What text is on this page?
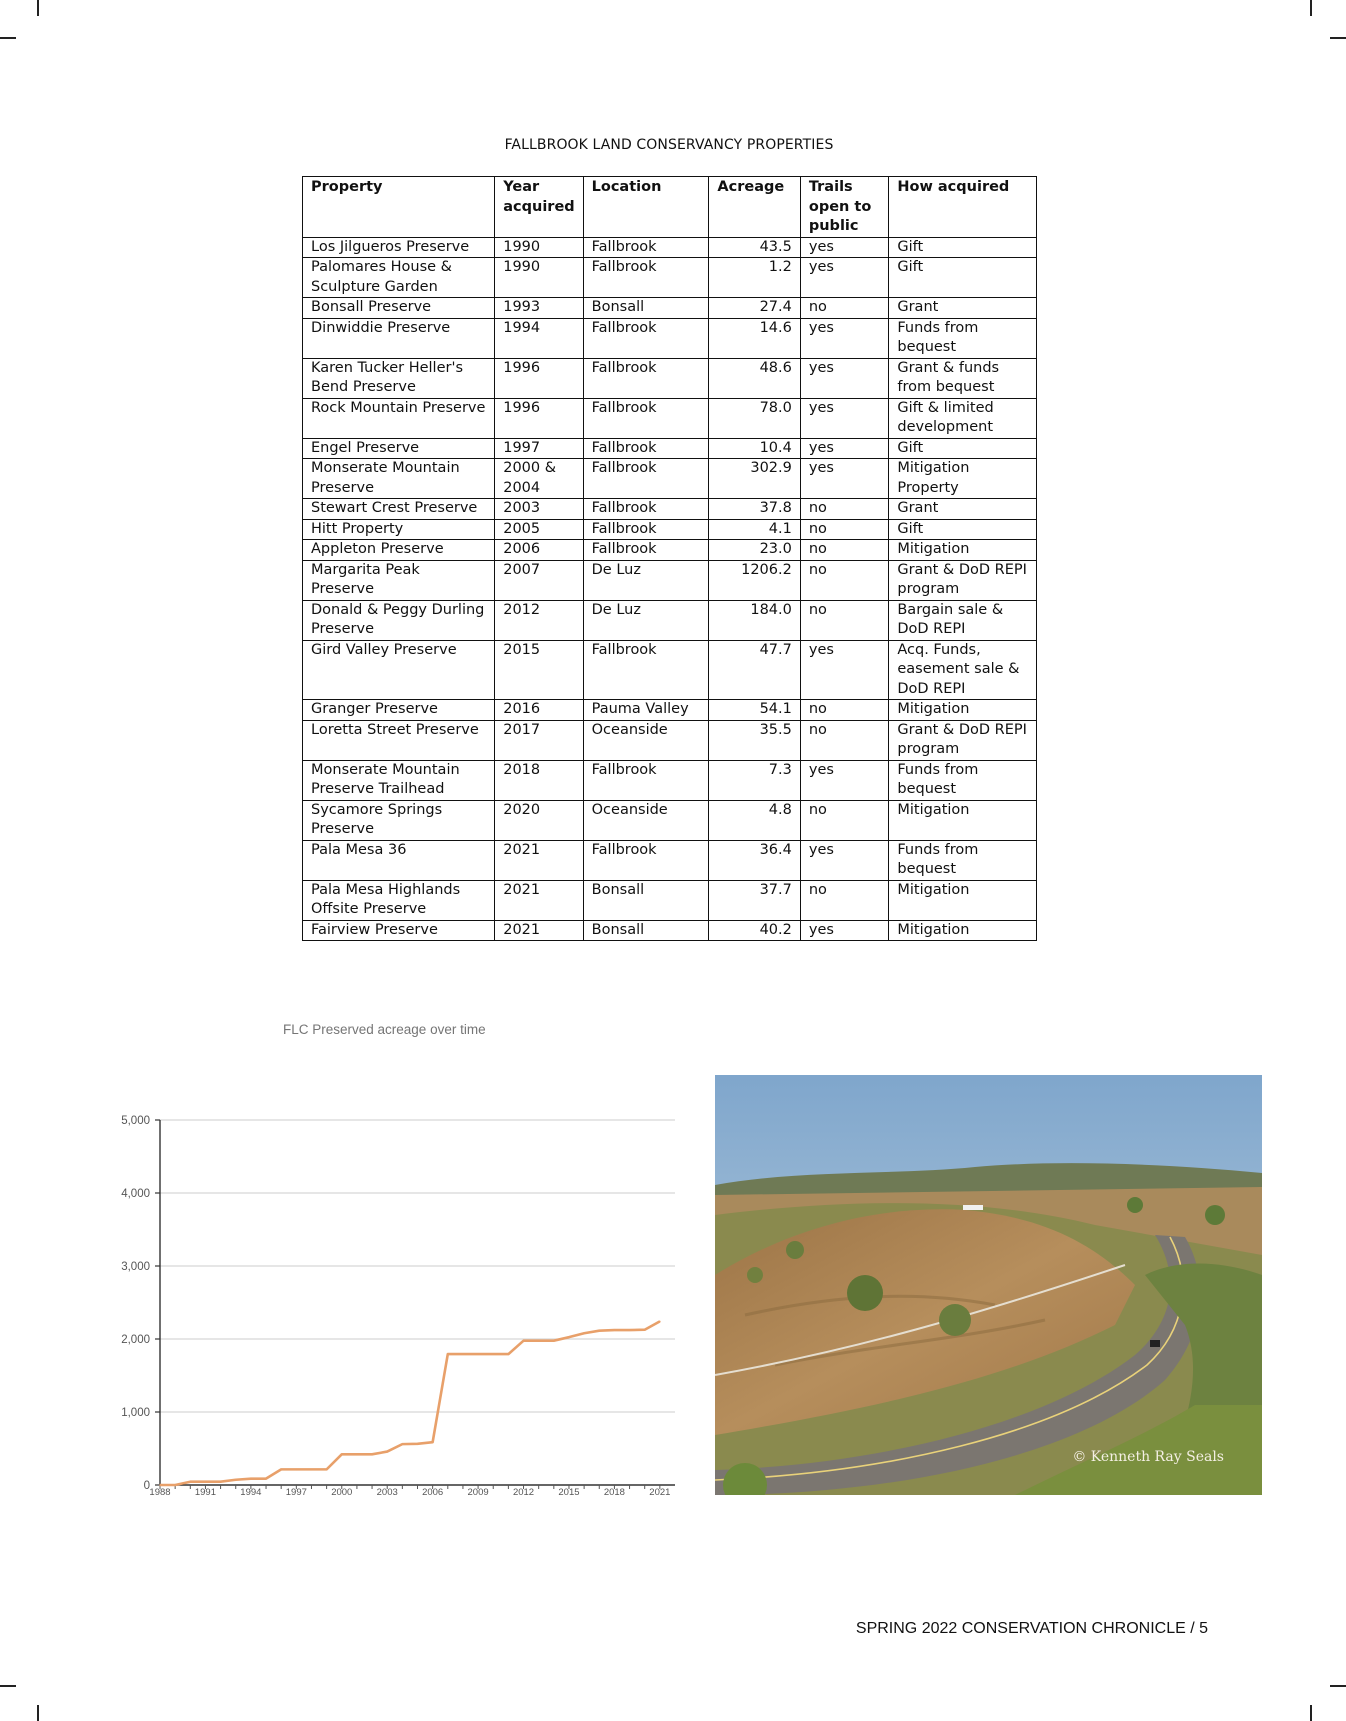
FALLBROOK LAND CONSERVANCY PROPERTIES
Property	Year acquired	Location	Acreage	Trails open to public	How acquired
Los Jilgueros Preserve	1990	Fallbrook	43.5	yes	Gift
Palomares House & Sculpture Garden	1990	Fallbrook	1.2	yes	Gift
Bonsall Preserve	1993	Bonsall	27.4	no	Grant
Dinwiddie Preserve	1994	Fallbrook	14.6	yes	Funds from bequest
Karen Tucker Heller's Bend Preserve	1996	Fallbrook	48.6	yes	Grant & funds from bequest
Rock Mountain Preserve	1996	Fallbrook	78.0	yes	Gift & limited development
Engel Preserve	1997	Fallbrook	10.4	yes	Gift
Monserate Mountain Preserve	2000 & 2004	Fallbrook	302.9	yes	Mitigation Property
Stewart Crest Preserve	2003	Fallbrook	37.8	no	Grant
Hitt Property	2005	Fallbrook	4.1	no	Gift
Appleton Preserve	2006	Fallbrook	23.0	no	Mitigation
Margarita Peak Preserve	2007	De Luz	1206.2	no	Grant & DoD REPI program
Donald & Peggy Durling Preserve	2012	De Luz	184.0	no	Bargain sale & DoD REPI
Gird Valley Preserve	2015	Fallbrook	47.7	yes	Acq. Funds, easement sale & DoD REPI
Granger Preserve	2016	Pauma Valley	54.1	no	Mitigation
Loretta Street Preserve	2017	Oceanside	35.5	no	Grant & DoD REPI program
Monserate Mountain Preserve Trailhead	2018	Fallbrook	7.3	yes	Funds from bequest
Sycamore Springs Preserve	2020	Oceanside	4.8	no	Mitigation
Pala Mesa 36	2021	Fallbrook	36.4	yes	Funds from bequest
Pala Mesa Highlands Offsite Preserve	2021	Bonsall	37.7	no	Mitigation
Fairview Preserve	2021	Bonsall	40.2	yes	Mitigation
FLC Preserved acreage over time
0
1,000
2,000
3,000
4,000
5,000
1988	1991	1994	1997	2000	2003	2006	2009	2012	2015	2018	2021
© Kenneth Ray Seals
SPRING 2022 CONSERVATION CHRONICLE / 5
